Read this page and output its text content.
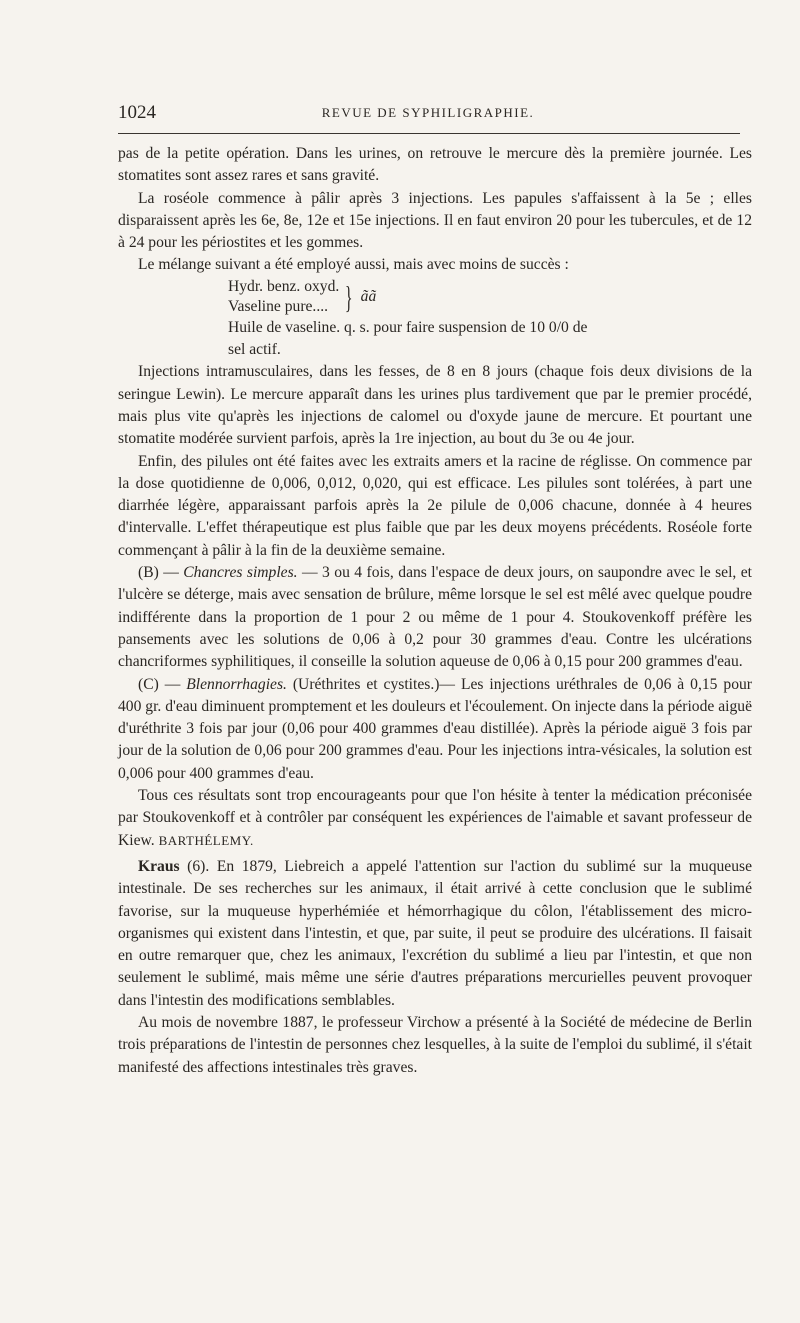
1024	REVUE DE SYPHILIGRAPHIE.

pas de la petite opération. Dans les urines, on retrouve le mercure dès la première journée. Les stomatites sont assez rares et sans gravité.

La roséole commence à pâlir après 3 injections. Les papules s'affaissent à la 5e ; elles disparaissent après les 6e, 8e, 12e et 15e injections. Il en faut environ 20 pour les tubercules, et de 12 à 24 pour les périostites et les gommes.

Le mélange suivant a été employé aussi, mais avec moins de succès :

Hydr. benz. oxyd.
Vaseline pure.... } ãã

Huile de vaseline. q. s. pour faire suspension de 10 0/0 de
sel actif.

Injections intramusculaires, dans les fesses, de 8 en 8 jours (chaque fois deux divisions de la seringue Lewin). Le mercure apparaît dans les urines plus tardivement que par le premier procédé, mais plus vite qu'après les injections de calomel ou d'oxyde jaune de mercure. Et pourtant une stomatite modérée survient parfois, après la 1re injection, au bout du 3e ou 4e jour.

Enfin, des pilules ont été faites avec les extraits amers et la racine de réglisse. On commence par la dose quotidienne de 0,006, 0,012, 0,020, qui est efficace. Les pilules sont tolérées, à part une diarrhée légère, apparaissant parfois après la 2e pilule de 0,006 chacune, donnée à 4 heures d'intervalle. L'effet thérapeutique est plus faible que par les deux moyens précédents. Roséole forte commençant à pâlir à la fin de la deuxième semaine.

(B) — Chancres simples. — 3 ou 4 fois, dans l'espace de deux jours, on saupondre avec le sel, et l'ulcère se déterge, mais avec sensation de brûlure, même lorsque le sel est mêlé avec quelque poudre indifférente dans la proportion de 1 pour 2 ou même de 1 pour 4. Stoukovenkoff préfère les pansements avec les solutions de 0,06 à 0,2 pour 30 grammes d'eau. Contre les ulcérations chancriformes syphilitiques, il conseille la solution aqueuse de 0,06 à 0,15 pour 200 grammes d'eau.

(C) — Blennorrhagies. (Uréthrites et cystites.)— Les injections uréthrales de 0,06 à 0,15 pour 400 gr. d'eau diminuent promptement et les douleurs et l'écoulement. On injecte dans la période aiguë d'uréthrite 3 fois par jour (0,06 pour 400 grammes d'eau distillée). Après la période aiguë 3 fois par jour de la solution de 0,06 pour 200 grammes d'eau. Pour les injections intra-vésicales, la solution est 0,006 pour 400 grammes d'eau.

Tous ces résultats sont trop encourageants pour que l'on hésite à tenter la médication préconisée par Stoukovenkoff et à contrôler par conséquent les expériences de l'aimable et savant professeur de Kiew. BARTHÉLEMY.

Kraus (6). En 1879, Liebreich a appelé l'attention sur l'action du sublimé sur la muqueuse intestinale. De ses recherches sur les animaux, il était arrivé à cette conclusion que le sublimé favorise, sur la muqueuse hyperhémiée et hémorrhagique du côlon, l'établissement des micro-organismes qui existent dans l'intestin, et que, par suite, il peut se produire des ulcérations. Il faisait en outre remarquer que, chez les animaux, l'excrétion du sublimé a lieu par l'intestin, et que non seulement le sublimé, mais même une série d'autres préparations mercurielles peuvent provoquer dans l'intestin des modifications semblables.

Au mois de novembre 1887, le professeur Virchow a présenté à la Société de médecine de Berlin trois préparations de l'intestin de personnes chez lesquelles, à la suite de l'emploi du sublimé, il s'était manifesté des affections intestinales très graves.
